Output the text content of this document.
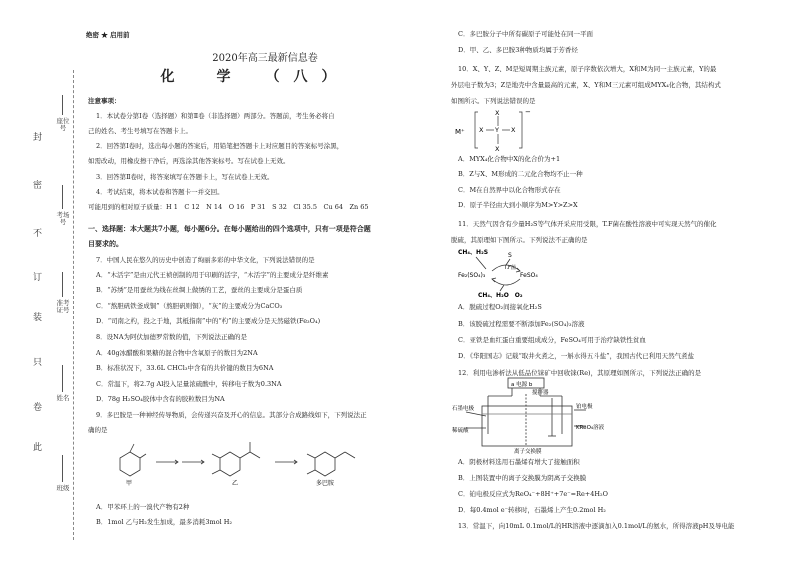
封
密
不
订
装
只
卷
此
座位号
考场号
准考证号
姓名
班级
绝密 ★ 启用前
2020年高三最新信息卷
化　学　（八）
注意事项：
1．本试卷分第Ⅰ卷（选择题）和第Ⅱ卷（非选择题）两部分。答题前，考生务必将自
己的姓名、考生号填写在答题卡上。
2．回答第Ⅰ卷时，选出每小题的答案后，用铅笔把答题卡上对应题目的答案标号涂黑，
如需改动，用橡皮擦干净后，再选涂其他答案标号。写在试卷上无效。
3．回答第Ⅱ卷时，将答案填写在答题卡上，写在试卷上无效。
4．考试结束，将本试卷和答题卡一并交回。
可能用到的相对原子质量：H 1　C 12　N 14　O 16　P 31　S 32　Cl 35.5　Cu 64　Zn 65
一、选择题：本大题共7小题，每小题6分。在每小题给出的四个选项中，只有一项是符合题
目要求的。
7．中国人民在悠久的历史中创造了绚丽多彩的中华文化，下列说法错误的是
A．“木活字”是由元代王祯创制的用于印刷的活字，“木活字”的主要成分是纤维素
B．“苏绣”是用蚕丝为线在丝绸上做绣的工艺，蚕丝的主要成分是蛋白质
C．“熬胆矾铁釜成铜”（熬胆矾则铜），“灰”的主要成分为CaCO₃
D．“司南之杓，投之于地，其柢指南”中的“杓”的主要成分是天然磁铁(Fe₃O₄)
8．设NA为阿伏加德罗常数的值，下列说法正确的是
A．40g冰醋酸和果糖的混合物中含氧原子的数目为2NA
B．标准状况下，33.6L CHCl₃中含有的共价键的数目为6NA
C．常温下，将2.7g Al投入足量浓硫酸中，转移电子数为0.3NA
D．78g H₂SO₄胶体中含有的胶粒数目为NA
9．多巴胺是一种神经传导物质，会传递兴奋及开心的信息。其部分合成路线如下，下列说法正
确的是
甲	乙	多巴胺
A．甲苯环上的一溴代产物有2种
B．1mol 乙与H₂发生加成，最多消耗3mol H₂
C．多巴胺分子中所有碳原子可能处在同一平面
D．甲、乙、多巴胺3种物质均属于芳香烃
10．X、Y、Z、M是短周期主族元素，原子序数依次增大，X和M为同一主族元素，Y的最
外层电子数为3；Z是地壳中含量最高的元素，X、Y和M三元素可组成MYX₄化合物，其结构式
如图所示。下列说法错误的是
M⁺
−
X
X Y X
X
A．MYX₄化合物中X的化合价为+1
B．Z与X、M形成的二元化合物均不止一种
C．M在自然界中以化合物形式存在
D．原子半径由大到小顺序为M>Y>Z>X
11．天然气因含有少量H₂S等气体开采应用受限，T.F菌在酸性溶液中可实现天然气的催化
脱硫，其原理如下图所示。下列说法不正确的是
CH₄、H₂S
Fe₂(SO₄)₃	FeSO₄
T.F菌
CH₄、H₂O　O₂
S
A．脱硫过程O₂间接氧化H₂S
B．该脱硫过程需要不断添加Fe₂(SO₄)₃溶液
C．亚铁是血红蛋白重要组成成分，FeSO₄可用于治疗缺铁性贫血
D．《华阳国志》记载“取井火煮之，一斛水得五斗盐”，我国古代已利用天然气煮盐
12．利用电渗析法从低品位铼矿中回收铼(Re)，其原理如图所示，下列说法正确的是
a 电源 b
搅拌器
石墨电极	铂电极
稀硫酸	KReO₄溶液
离子交换膜
A．阴极材料选用石墨烯有增大了接触面积
B．上图装置中的离子交换膜为阴离子交换膜
C．铂电极反应式为ReO₄⁻+8H⁺+7e⁻=Re+4H₂O
D．每0.4mol e⁻转移时，石墨烯上产生0.2mol H₂
13．常温下，向10mL 0.1mol/L的HR溶液中逐滴加入0.1mol/L的氨水，所得溶液pH及导电能
